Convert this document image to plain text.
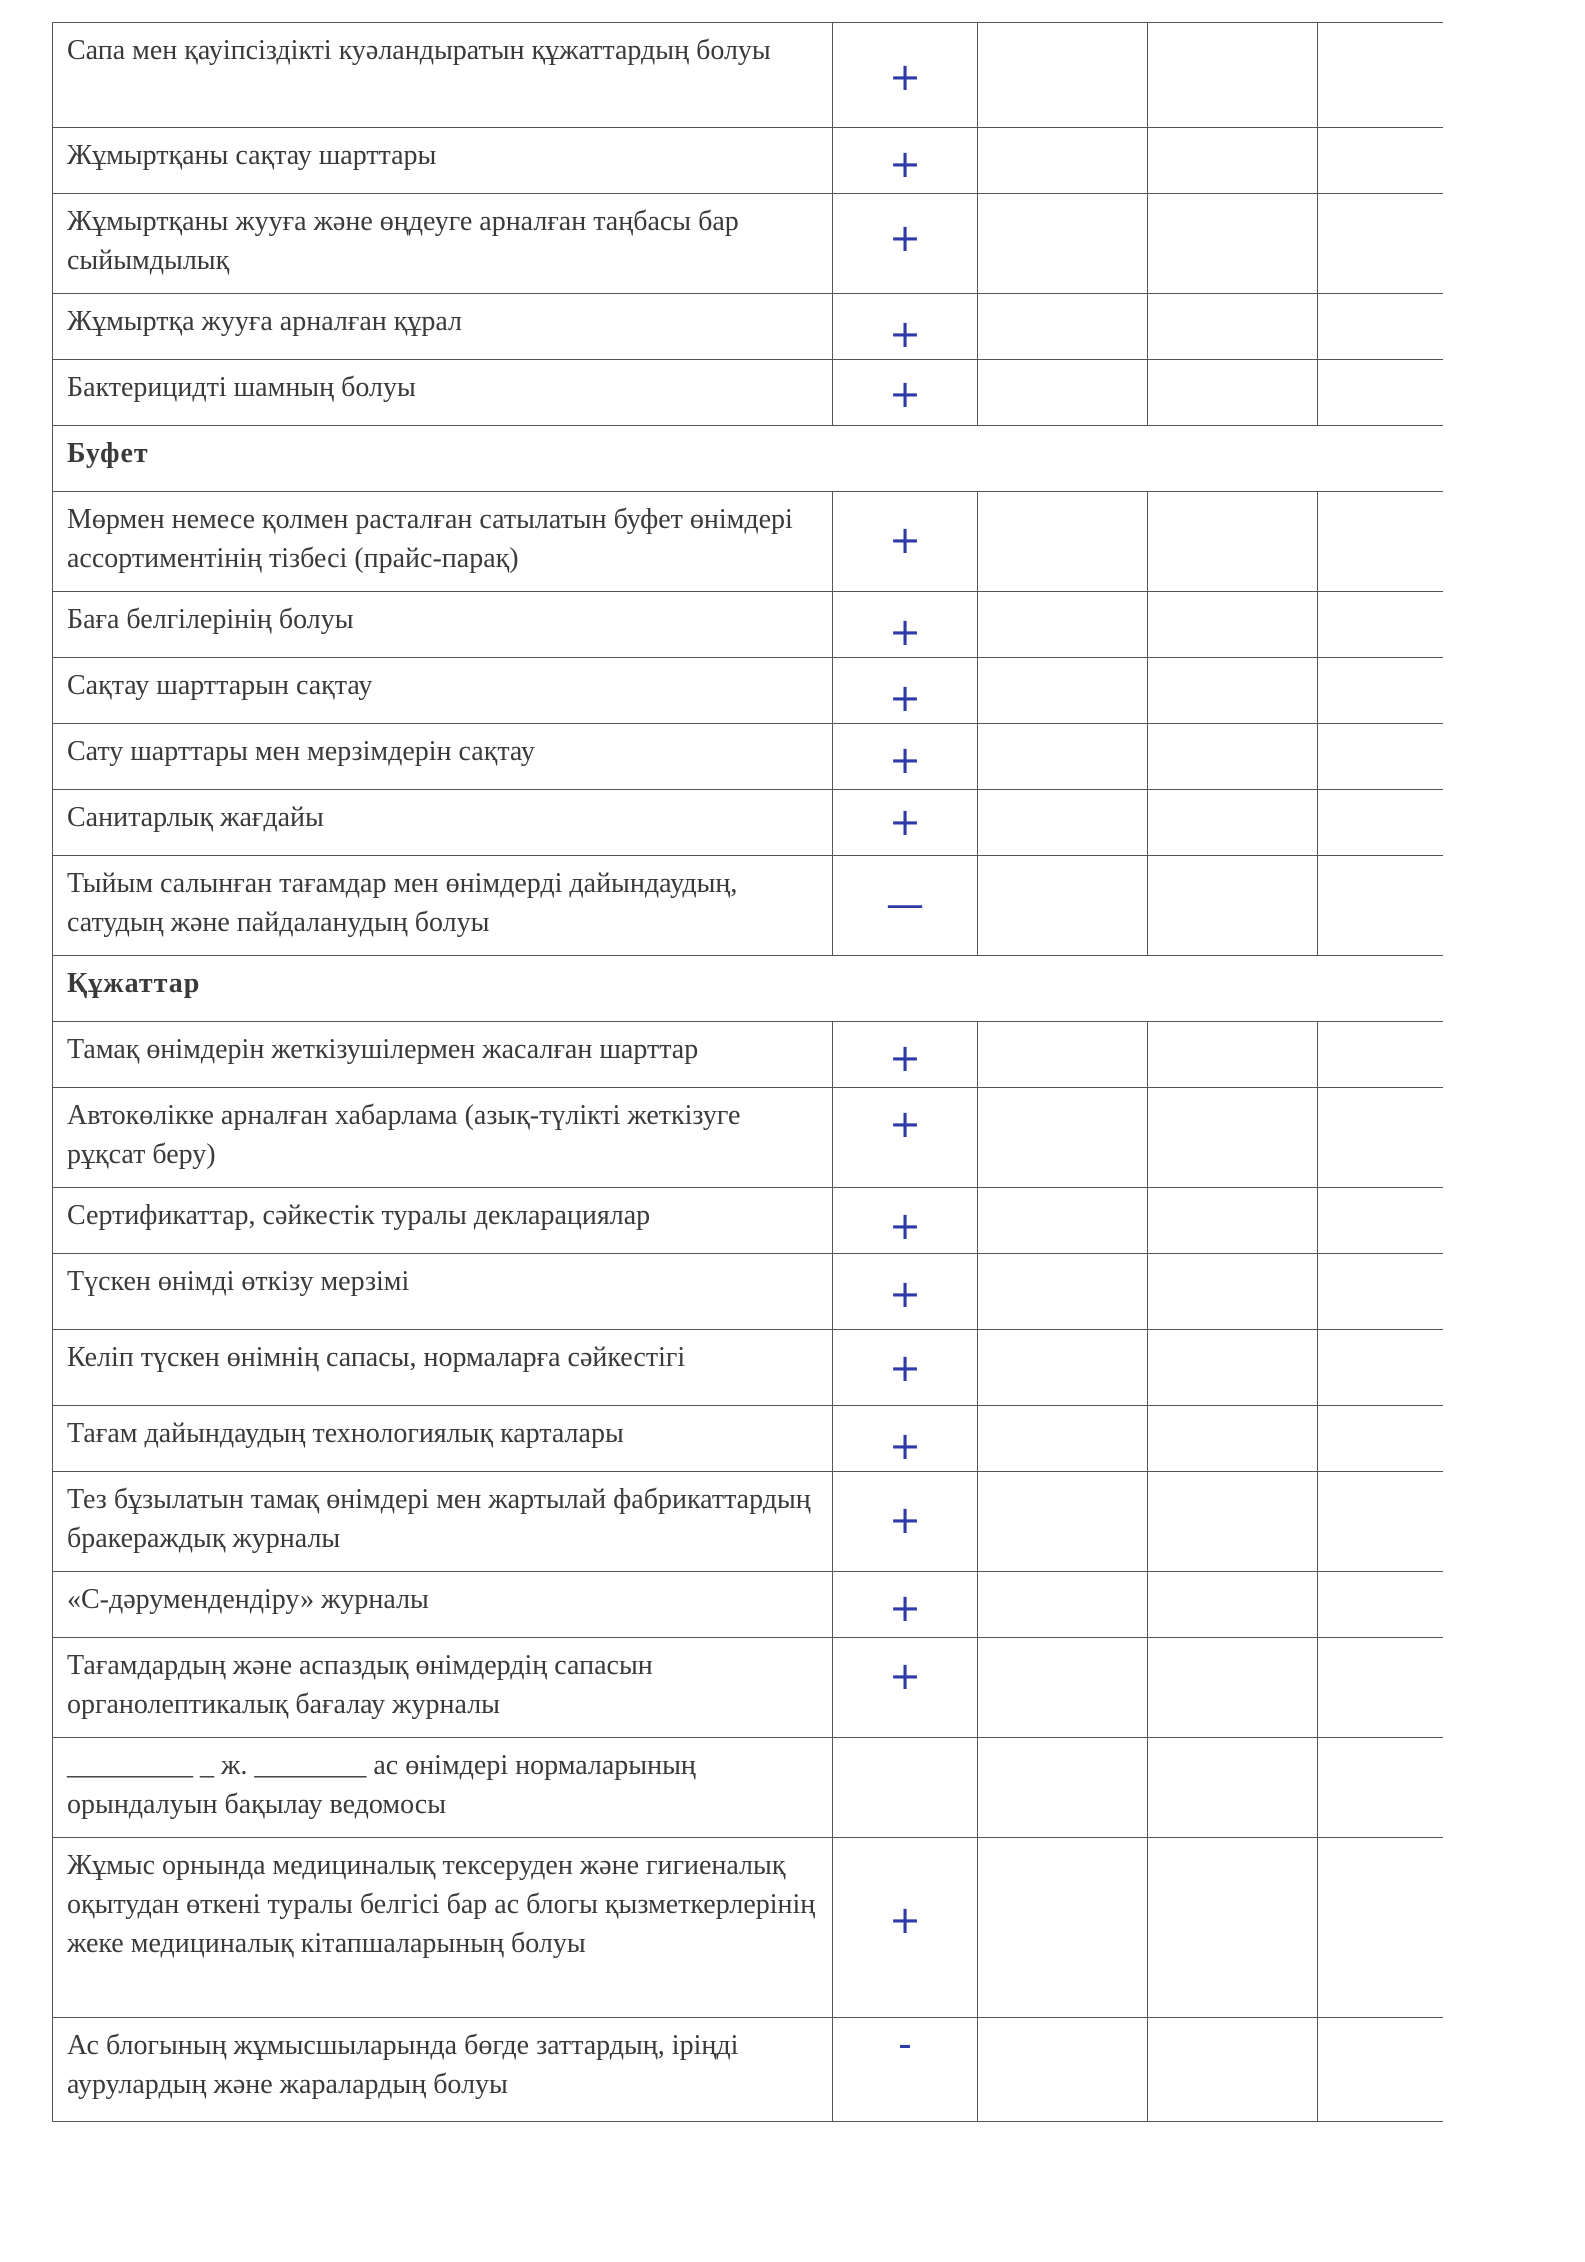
Сапа мен қауіпсіздікті куәландыратын құжаттардың болуы	+			

Жұмыртқаны сақтау шарттары	+			

Жұмыртқаны жууға және өңдеуге арналған таңбасы бар сыйымдылық	+			

Жұмыртқа жууға арналған құрал	+			

Бактерицидті шамның болуы	+			

Буфет				
Мөрмен немесе қолмен расталған сатылатын буфет өнімдері ассортиментінің тізбесі (прайс-парақ)	+			

Баға белгілерінің болуы	+			

Сақтау шарттарын сақтау	+			

Сату шарттары мен мерзімдерін сақтау	+			

Санитарлық жағдайы	+			

Тыйым салынған тағамдар мен өнімдерді дайындаудың, сатудың және пайдаланудың болуы	—			

Құжаттар				
Тамақ өнімдерін жеткізушілермен жасалған шарттар	+			

Автокөлікке арналған хабарлама (азық-түлікті жеткізуге рұқсат беру)	+			

Сертификаттар, сәйкестік туралы декларациялар	+			

Түскен өнімді өткізу мерзімі	+			

Келіп түскен өнімнің сапасы, нормаларға сәйкестігі	+			

Тағам дайындаудың технологиялық карталары	+			

Тез бұзылатын тамақ өнімдері мен жартылай фабрикаттардың бракераждық журналы	+			

«С-дәрумендендіру» журналы	+			

Тағамдардың және аспаздық өнімдердің сапасын органолептикалық бағалау журналы	+			

_________ _ ж. ________ ас өнімдері нормаларының орындалуын бақылау ведомосы				
Жұмыс орнында медициналық тексеруден және гигиеналық оқытудан өткені туралы белгісі бар ас блогы қызметкерлерінің жеке медициналық кітапшаларының болуы	+			

Ас блогының жұмысшыларында бөгде заттардың, іріңді аурулардың және жаралардың болуы	-			
